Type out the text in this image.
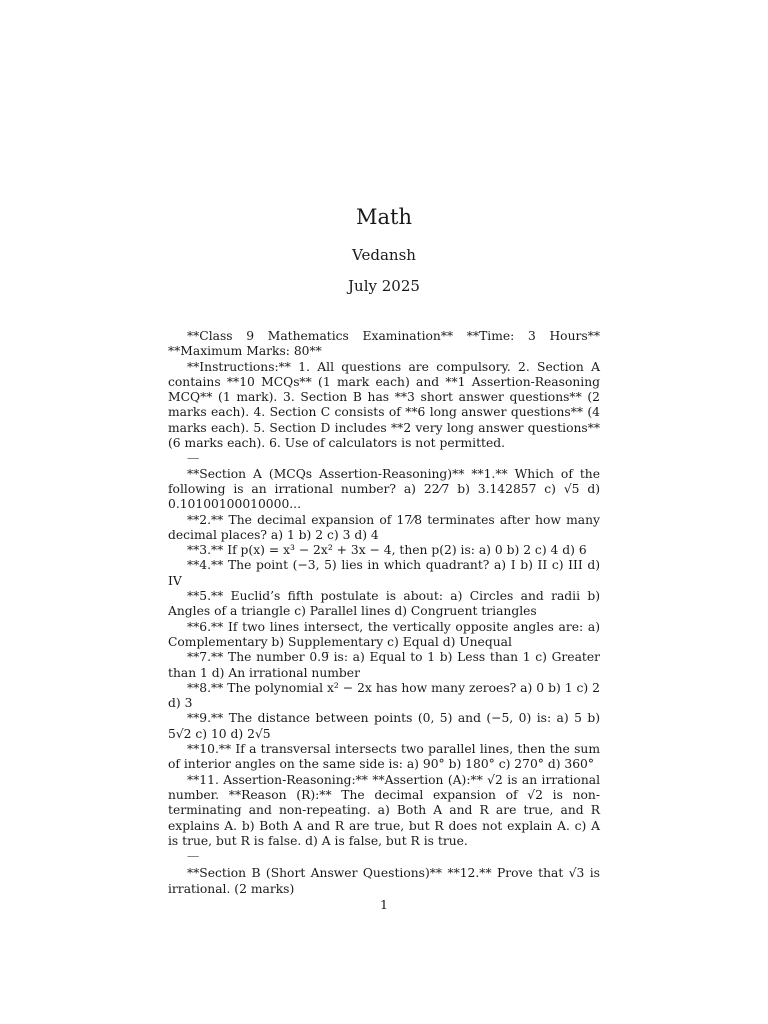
Math
Vedansh
July 2025

**Class 9 Mathematics Examination** **Time: 3 Hours** **Maximum Marks: 80**

**Instructions:** 1. All questions are compulsory. 2. Section A contains **10 MCQs** (1 mark each) and **1 Assertion-Reasoning MCQ** (1 mark). 3. Section B has **3 short answer questions** (2 marks each). 4. Section C consists of **6 long answer questions** (4 marks each). 5. Section D includes **2 very long answer questions** (6 marks each). 6. Use of calculators is not permitted.

—

**Section A (MCQs Assertion-Reasoning)** **1.** Which of the following is an irrational number? a) 22⁄7 b) 3.142857 c) √5 d) 0.10100100010000...

**2.** The decimal expansion of 17⁄8 terminates after how many decimal places? a) 1 b) 2 c) 3 d) 4

**3.** If p(x) = x³ − 2x² + 3x − 4, then p(2) is: a) 0 b) 2 c) 4 d) 6

**4.** The point (−3, 5) lies in which quadrant? a) I b) II c) III d) IV

**5.** Euclid’s fifth postulate is about: a) Circles and radii b) Angles of a triangle c) Parallel lines d) Congruent triangles

**6.** If two lines intersect, the vertically opposite angles are: a) Complementary b) Supplementary c) Equal d) Unequal

**7.** The number 0.9̅ is: a) Equal to 1 b) Less than 1 c) Greater than 1 d) An irrational number

**8.** The polynomial x² − 2x has how many zeroes? a) 0 b) 1 c) 2 d) 3

**9.** The distance between points (0, 5) and (−5, 0) is: a) 5 b) 5√2 c) 10 d) 2√5

**10.** If a transversal intersects two parallel lines, then the sum of interior angles on the same side is: a) 90° b) 180° c) 270° d) 360°

**11. Assertion-Reasoning:** **Assertion (A):** √2 is an irrational number. **Reason (R):** The decimal expansion of √2 is non-terminating and non-repeating. a) Both A and R are true, and R explains A. b) Both A and R are true, but R does not explain A. c) A is true, but R is false. d) A is false, but R is true.

—

**Section B (Short Answer Questions)** **12.** Prove that √3 is irrational. (2 marks)

1
